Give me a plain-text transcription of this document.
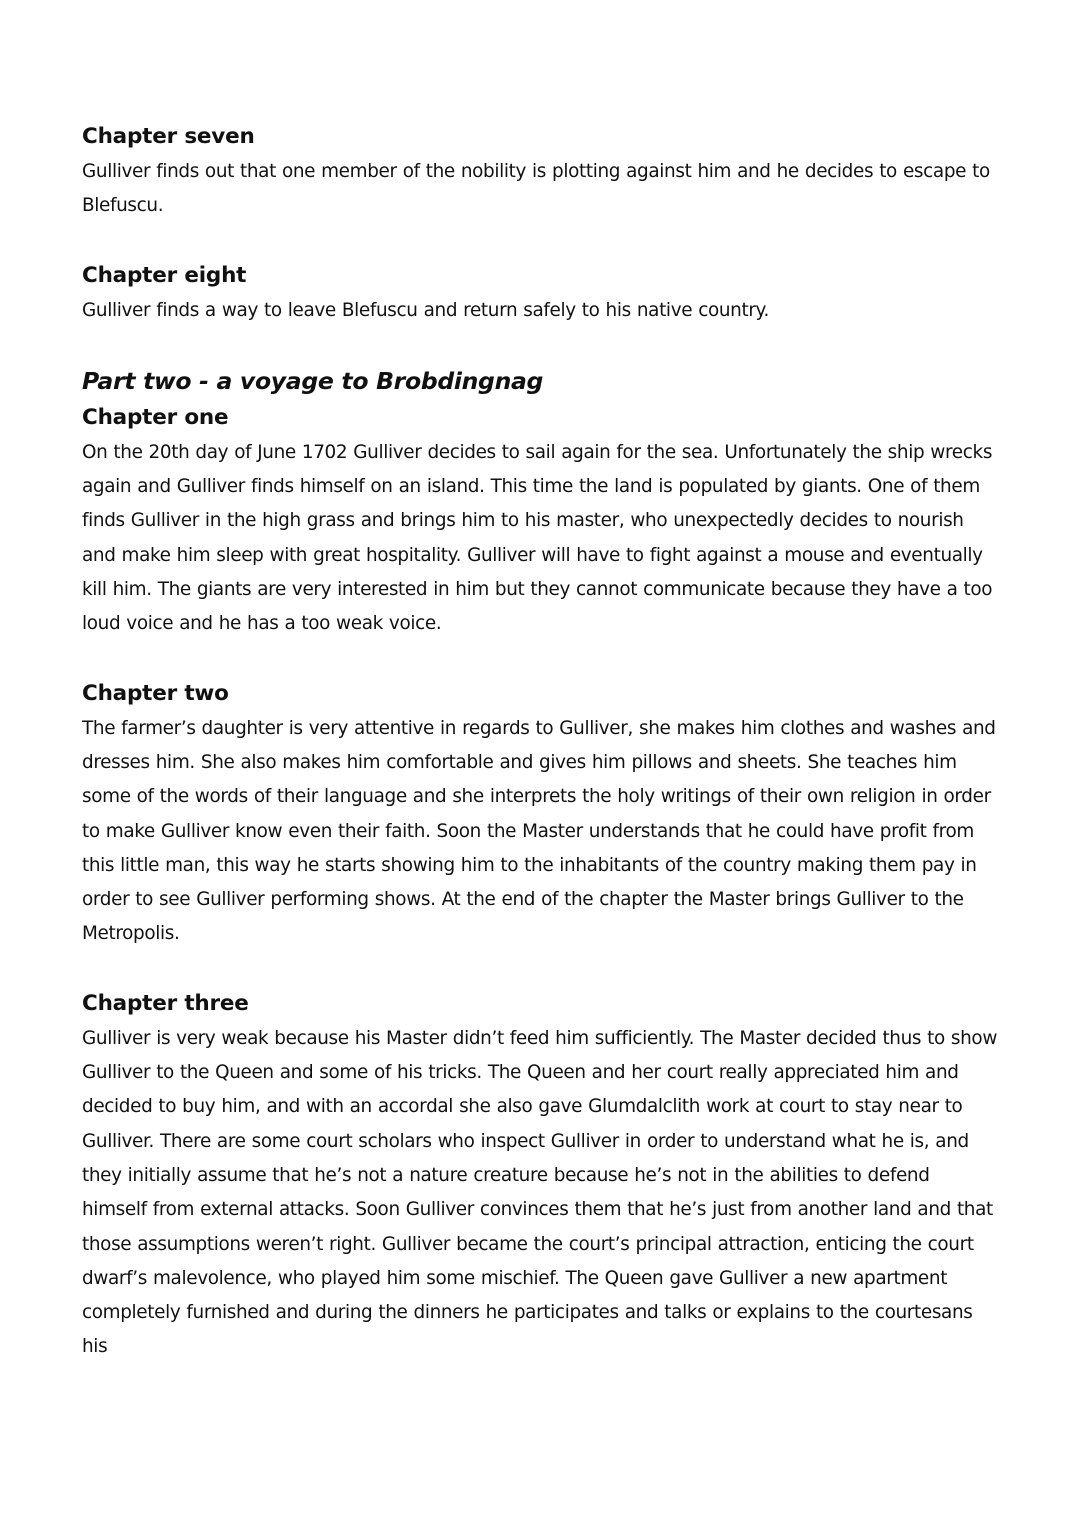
Chapter seven

Gulliver finds out that one member of the nobility is plotting against him and he decides to escape to Blefuscu.

Chapter eight

Gulliver finds a way to leave Blefuscu and return safely to his native country.

Part two - a voyage to Brobdingnag
Chapter one

On the 20th day of June 1702 Gulliver decides to sail again for the sea. Unfortunately the ship wrecks again and Gulliver finds himself on an island. This time the land is populated by giants. One of them finds Gulliver in the high grass and brings him to his master, who unexpectedly decides to nourish and make him sleep with great hospitality. Gulliver will have to fight against a mouse and eventually kill him. The giants are very interested in him but they cannot communicate because they have a too loud voice and he has a too weak voice.

Chapter two

The farmer’s daughter is very attentive in regards to Gulliver, she makes him clothes and washes and dresses him. She also makes him comfortable and gives him pillows and sheets. She teaches him some of the words of their language and she interprets the holy writings of their own religion in order to make Gulliver know even their faith. Soon the Master understands that he could have profit from this little man, this way he starts showing him to the inhabitants of the country making them pay in order to see Gulliver performing shows. At the end of the chapter the Master brings Gulliver to the Metropolis.

Chapter three

Gulliver is very weak because his Master didn’t feed him sufficiently. The Master decided thus to show Gulliver to the Queen and some of his tricks. The Queen and her court really appreciated him and decided to buy him, and with an accordal she also gave Glumdalclith work at court to stay near to Gulliver. There are some court scholars who inspect Gulliver in order to understand what he is, and they initially assume that he’s not a nature creature because he’s not in the abilities to defend himself from external attacks. Soon Gulliver convinces them that he’s just from another land and that those assumptions weren’t right. Gulliver became the court’s principal attraction, enticing the court dwarf’s malevolence, who played him some mischief. The Queen gave Gulliver a new apartment completely furnished and during the dinners he participates and talks or explains to the courtesans his
